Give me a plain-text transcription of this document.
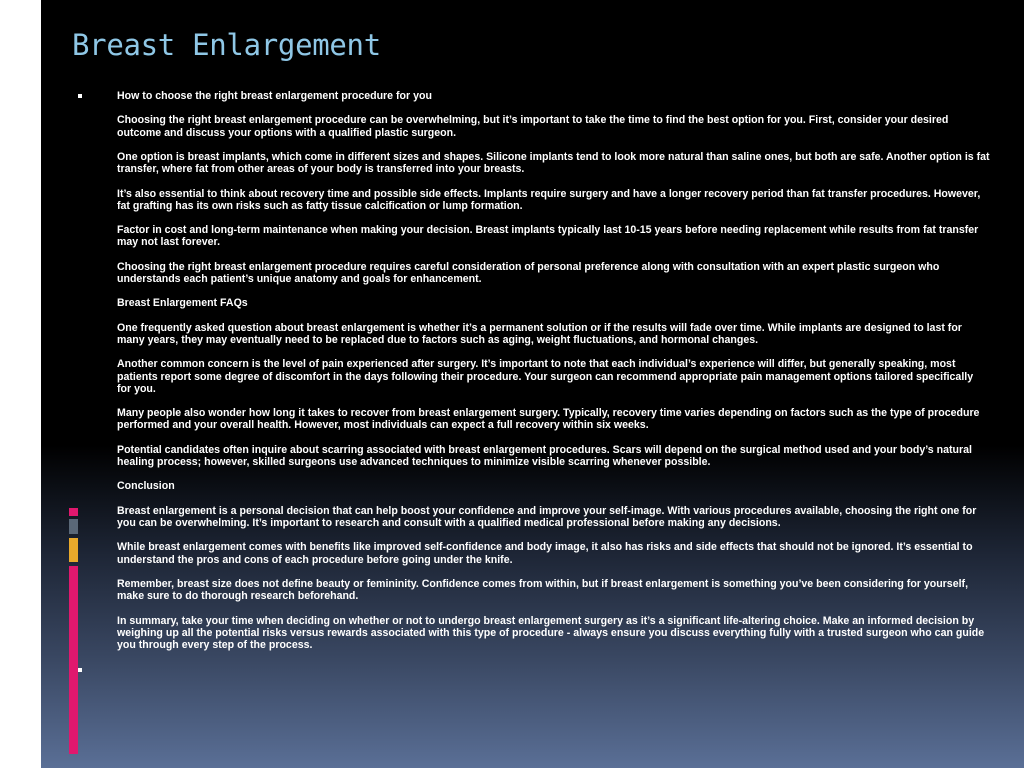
Breast Enlargement

How to choose the right breast enlargement procedure for you

Choosing the right breast enlargement procedure can be overwhelming, but it’s important to take the time to find the best option for you. First, consider your desired outcome and discuss your options with a qualified plastic surgeon.

One option is breast implants, which come in different sizes and shapes. Silicone implants tend to look more natural than saline ones, but both are safe. Another option is fat transfer, where fat from other areas of your body is transferred into your breasts.

It’s also essential to think about recovery time and possible side effects. Implants require surgery and have a longer recovery period than fat transfer procedures. However, fat grafting has its own risks such as fatty tissue calcification or lump formation.

Factor in cost and long-term maintenance when making your decision. Breast implants typically last 10-15 years before needing replacement while results from fat transfer may not last forever.

Choosing the right breast enlargement procedure requires careful consideration of personal preference along with consultation with an expert plastic surgeon who understands each patient’s unique anatomy and goals for enhancement.

Breast Enlargement FAQs

One frequently asked question about breast enlargement is whether it’s a permanent solution or if the results will fade over time. While implants are designed to last for many years, they may eventually need to be replaced due to factors such as aging, weight fluctuations, and hormonal changes.

Another common concern is the level of pain experienced after surgery. It’s important to note that each individual’s experience will differ, but generally speaking, most patients report some degree of discomfort in the days following their procedure. Your surgeon can recommend appropriate pain management options tailored specifically for you.

Many people also wonder how long it takes to recover from breast enlargement surgery. Typically, recovery time varies depending on factors such as the type of procedure performed and your overall health. However, most individuals can expect a full recovery within six weeks.

Potential candidates often inquire about scarring associated with breast enlargement procedures. Scars will depend on the surgical method used and your body’s natural healing process; however, skilled surgeons use advanced techniques to minimize visible scarring whenever possible.

Conclusion

Breast enlargement is a personal decision that can help boost your confidence and improve your self-image. With various procedures available, choosing the right one for you can be overwhelming. It’s important to research and consult with a qualified medical professional before making any decisions.

While breast enlargement comes with benefits like improved self-confidence and body image, it also has risks and side effects that should not be ignored. It’s essential to understand the pros and cons of each procedure before going under the knife.

Remember, breast size does not define beauty or femininity. Confidence comes from within, but if breast enlargement is something you’ve been considering for yourself, make sure to do thorough research beforehand.

In summary, take your time when deciding on whether or not to undergo breast enlargement surgery as it’s a significant life-altering choice. Make an informed decision by weighing up all the potential risks versus rewards associated with this type of procedure - always ensure you discuss everything fully with a trusted surgeon who can guide you through every step of the process.
